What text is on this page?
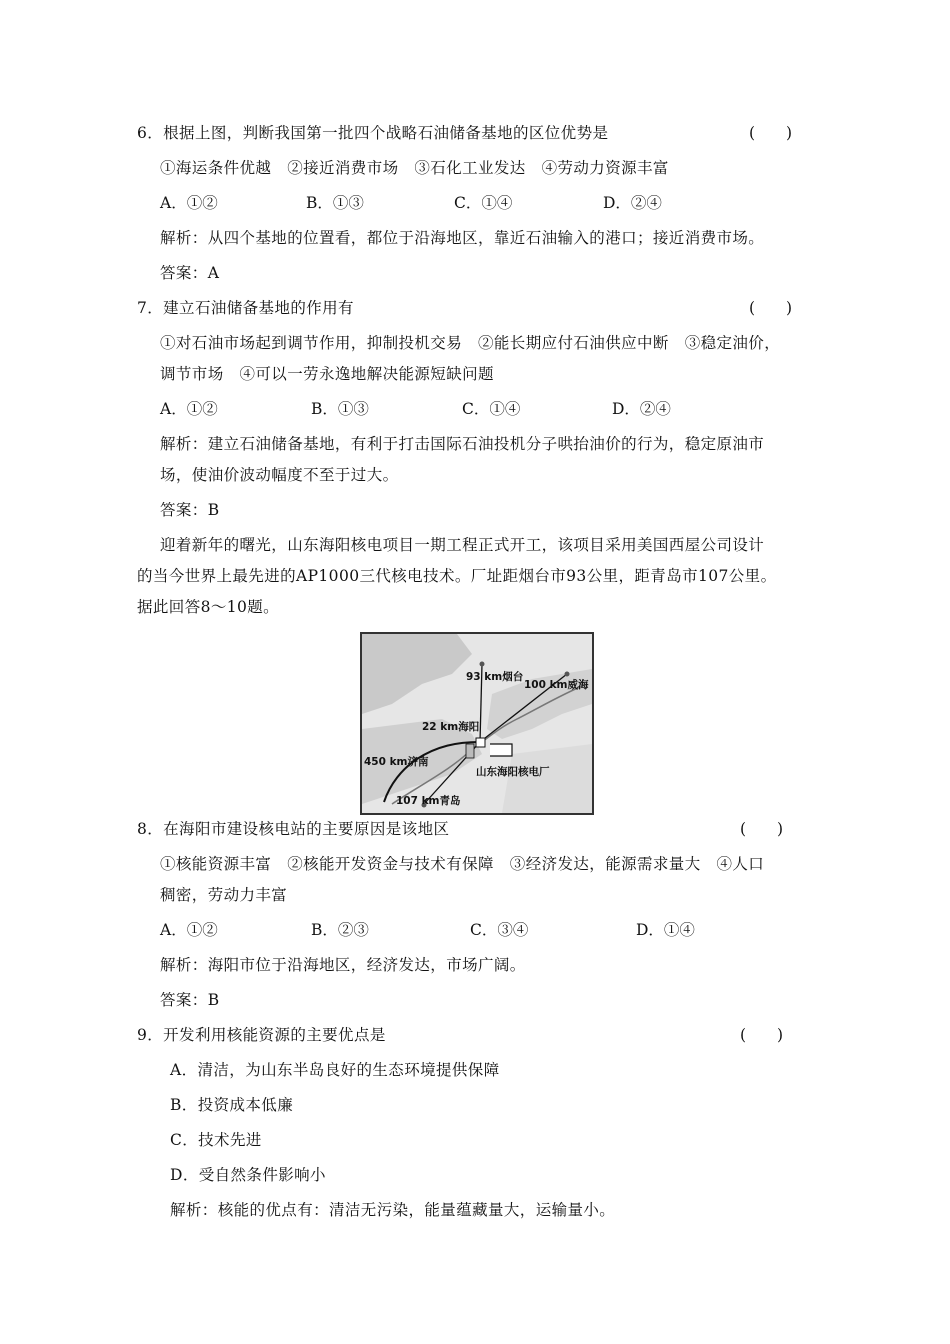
6．根据上图，判断我国第一批四个战略石油储备基地的区位优势是	(　　)
①海运条件优越　②接近消费市场　③石化工业发达　④劳动力资源丰富
A．①②	B．①③	C．①④	D．②④
解析：从四个基地的位置看，都位于沿海地区，靠近石油输入的港口；接近消费市场。
答案：A
7．建立石油储备基地的作用有	(　　)
①对石油市场起到调节作用，抑制投机交易　②能长期应付石油供应中断　③稳定油价，
调节市场　④可以一劳永逸地解决能源短缺问题
A．①②	B．①③	C．①④	D．②④
解析：建立石油储备基地，有利于打击国际石油投机分子哄抬油价的行为，稳定原油市
场，使油价波动幅度不至于过大。
答案：B
迎着新年的曙光，山东海阳核电项目一期工程正式开工，该项目采用美国西屋公司设计
的当今世界上最先进的AP1000三代核电技术。厂址距烟台市93公里，距青岛市107公里。
据此回答8～10题。
93 km烟台
100 km威海
22 km海阳
450 km济南
山东海阳核电厂
107 km青岛
8．在海阳市建设核电站的主要原因是该地区	(　　)
①核能资源丰富　②核能开发资金与技术有保障　③经济发达，能源需求量大　④人口
稠密，劳动力丰富
A．①②	B．②③	C．③④	D．①④
解析：海阳市位于沿海地区，经济发达，市场广阔。
答案：B
9．开发利用核能资源的主要优点是	(　　)
A．清洁，为山东半岛良好的生态环境提供保障
B．投资成本低廉
C．技术先进
D．受自然条件影响小
解析：核能的优点有：清洁无污染，能量蕴藏量大，运输量小。
